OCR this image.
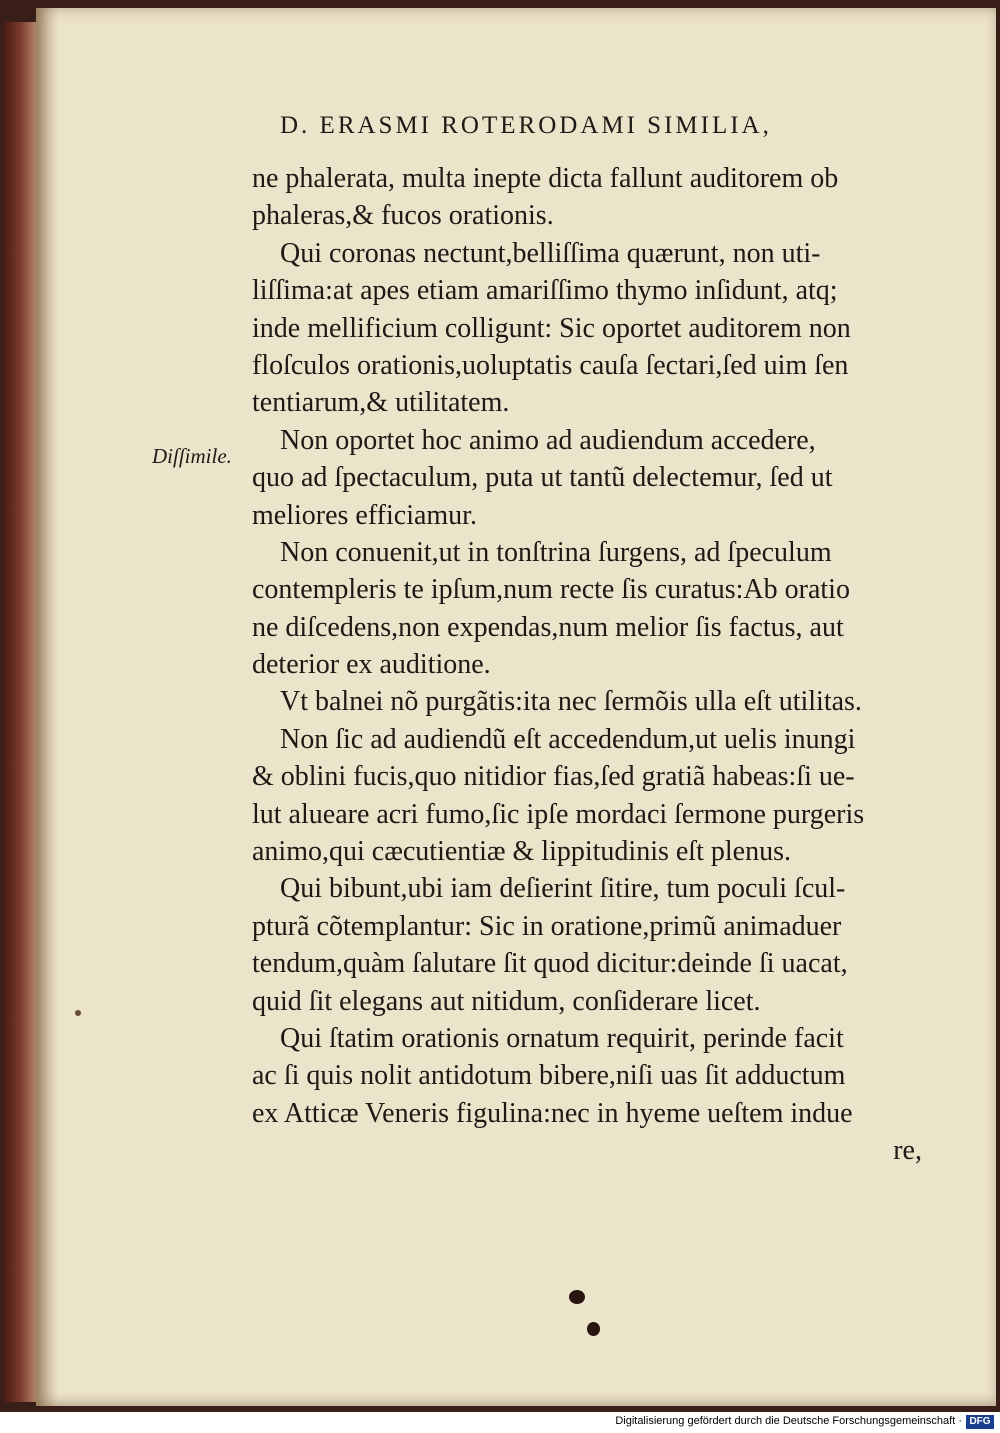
D. ERASMI ROTERODAMI SIMILIA,
Diſſimile.
ne phalerata, multa inepte dicta fallunt auditorem ob
phaleras,& fucos orationis.
Qui coronas nectunt,belliſſima quærunt, non uti-
liſſima:at apes etiam amariſſimo thymo inſidunt, atq;
inde mellificium colligunt: Sic oportet auditorem non
floſculos orationis,uoluptatis cauſa ſectari,ſed uim ſen
tentiarum,& utilitatem.
Non oportet hoc animo ad audiendum accedere,
quo ad ſpectaculum, puta ut tantũ delectemur, ſed ut
meliores efficiamur.
Non conuenit,ut in tonſtrina ſurgens, ad ſpeculum
contempleris te ipſum,num recte ſis curatus:Ab oratio
ne diſcedens,non expendas,num melior ſis factus, aut
deterior ex auditione.
Vt balnei nõ purgãtis:ita nec ſermõis ulla eſt utilitas.
Non ſic ad audiendũ eſt accedendum,ut uelis inungi
& oblini fucis,quo nitidior fias,ſed gratiã habeas:ſi ue-
lut alueare acri fumo,ſic ipſe mordaci ſermone purgeris
animo,qui cæcutientiæ & lippitudinis eſt plenus.
Qui bibunt,ubi iam deſierint ſitire, tum poculi ſcul-
pturã cõtemplantur: Sic in oratione,primũ animaduer
tendum,quàm ſalutare ſit quod dicitur:deinde ſi uacat,
quid ſit elegans aut nitidum, conſiderare licet.
Qui ſtatim orationis ornatum requirit, perinde facit
ac ſi quis nolit antidotum bibere,niſi uas ſit adductum
ex Atticæ Veneris figulina:nec in hyeme ueſtem indue
re,
Digitalisierung gefördert durch die Deutsche Forschungsgemeinschaft · DFG
